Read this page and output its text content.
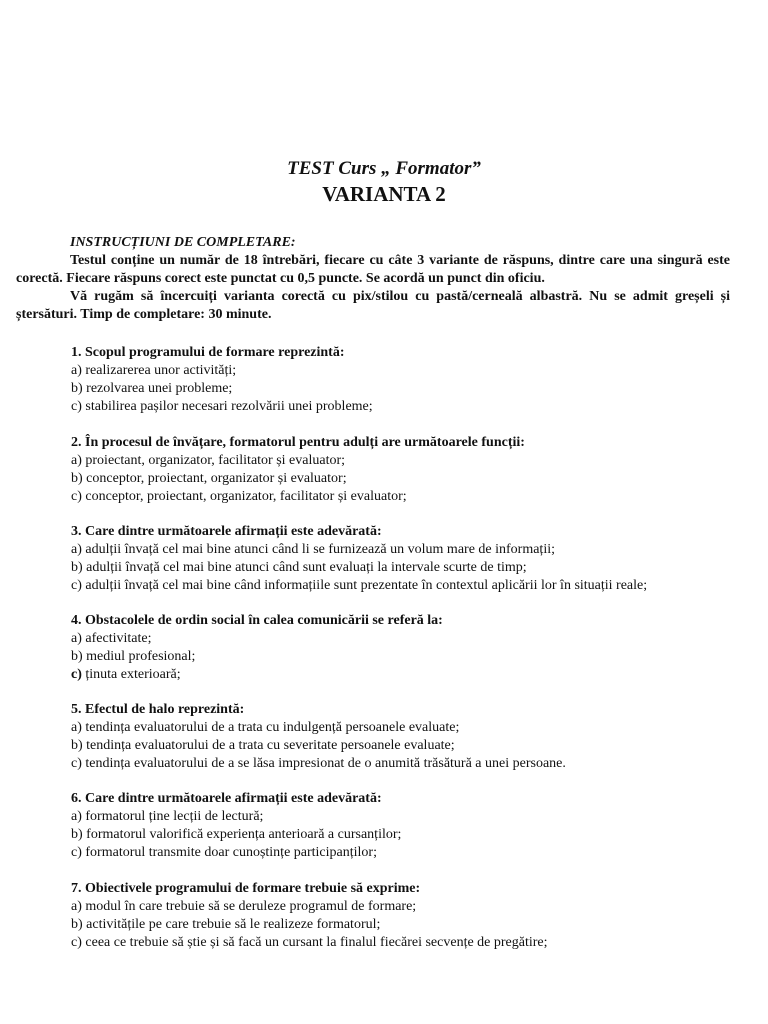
TEST Curs „ Formator”
VARIANTA 2

INSTRUCȚIUNI DE COMPLETARE:

Testul conține un număr de 18 întrebări, fiecare cu câte 3 variante de răspuns, dintre care una singură este corectă. Fiecare răspuns corect este punctat cu 0,5 puncte. Se acordă un punct din oficiu.

Vă rugăm să încercuiți varianta corectă cu pix/stilou cu pastă/cerneală albastră. Nu se admit greșeli și ștersături. Timp de completare: 30 minute.

1. Scopul programului de formare reprezintă:
a) realizarerea unor activități;
b) rezolvarea unei probleme;
c) stabilirea pașilor necesari rezolvării unei probleme;
2. În procesul de învățare, formatorul pentru adulți are următoarele funcții:
a) proiectant, organizator, facilitator și evaluator;
b) conceptor, proiectant, organizator și evaluator;
c) conceptor, proiectant, organizator, facilitator și evaluator;
3. Care dintre următoarele afirmații este adevărată:
a) adulții învață cel mai bine atunci când li se furnizează un volum mare de informații;
b) adulții învață cel mai bine atunci când sunt evaluați la intervale scurte de timp;
c) adulții învață cel mai bine când informațiile sunt prezentate în contextul aplicării lor în situații reale;
4. Obstacolele de ordin social în calea comunicării se referă la:
a) afectivitate;
b) mediul profesional;
c) ținuta exterioară;
5. Efectul de halo reprezintă:
a) tendința evaluatorului de a trata cu indulgență persoanele evaluate;
b) tendința evaluatorului de a trata cu severitate persoanele evaluate;
c) tendința evaluatorului de a se lăsa impresionat de o anumită trăsătură a unei persoane.
6. Care dintre următoarele afirmații este adevărată:
a) formatorul ține lecții de lectură;
b) formatorul valorifică experiența anterioară a cursanților;
c) formatorul transmite doar cunoștințe participanților;
7. Obiectivele programului de formare trebuie să exprime:
a) modul în care trebuie să se deruleze programul de formare;
b) activitățile pe care trebuie să le realizeze formatorul;
c) ceea ce trebuie să știe și să facă un cursant la finalul fiecărei secvențe de pregătire;
